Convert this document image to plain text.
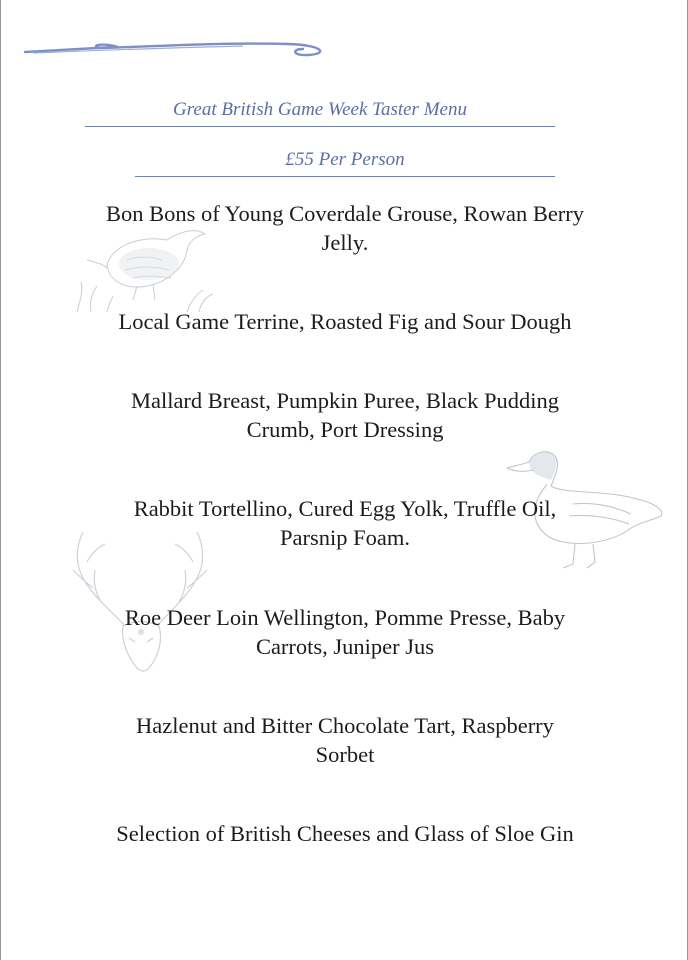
Great British Game Week Taster Menu
£55 Per Person
Bon Bons of Young Coverdale Grouse, Rowan Berry
Jelly.
Local Game Terrine, Roasted Fig and Sour Dough
Mallard Breast, Pumpkin Puree, Black Pudding
Crumb, Port Dressing
Rabbit Tortellino, Cured Egg Yolk, Truffle Oil,
Parsnip Foam.
Roe Deer Loin Wellington, Pomme Presse, Baby
Carrots, Juniper Jus
Hazlenut and Bitter Chocolate Tart, Raspberry
Sorbet
Selection of British Cheeses and Glass of Sloe Gin
